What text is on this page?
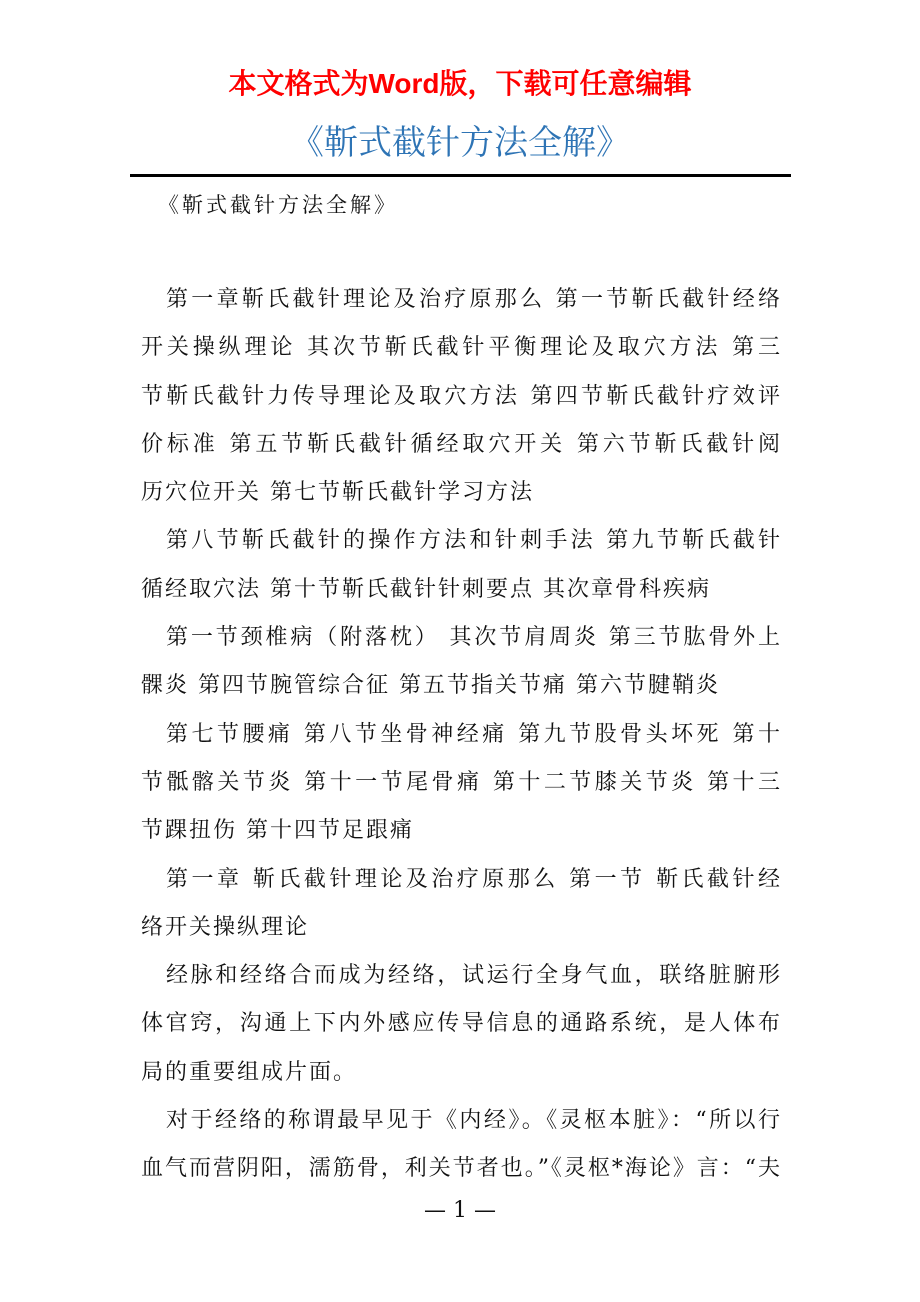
本文格式为Word版，下载可任意编辑
《靳式截针方法全解》
《靳式截针方法全解》
第一章靳氏截针理论及治疗原那么 第一节靳氏截针经络
开关操纵理论 其次节靳氏截针平衡理论及取穴方法 第三
节靳氏截针力传导理论及取穴方法 第四节靳氏截针疗效评
价标准 第五节靳氏截针循经取穴开关 第六节靳氏截针阅
历穴位开关 第七节靳氏截针学习方法
第八节靳氏截针的操作方法和针刺手法 第九节靳氏截针
循经取穴法 第十节靳氏截针针刺要点 其次章骨科疾病
第一节颈椎病（附落枕） 其次节肩周炎 第三节肱骨外上
髁炎 第四节腕管综合征 第五节指关节痛 第六节腱鞘炎
第七节腰痛 第八节坐骨神经痛 第九节股骨头坏死 第十
节骶髂关节炎 第十一节尾骨痛 第十二节膝关节炎 第十三
节踝扭伤 第十四节足跟痛
第一章 靳氏截针理论及治疗原那么 第一节 靳氏截针经
络开关操纵理论
经脉和经络合而成为经络，试运行全身气血，联络脏腑形
体官窍，沟通上下内外感应传导信息的通路系统，是人体布
局的重要组成片面。
对于经络的称谓最早见于《内经》。《灵枢本脏》：“所以行
血气而营阴阳，濡筋骨，利关节者也。”《灵枢*海论》言：“夫
— 1 —
